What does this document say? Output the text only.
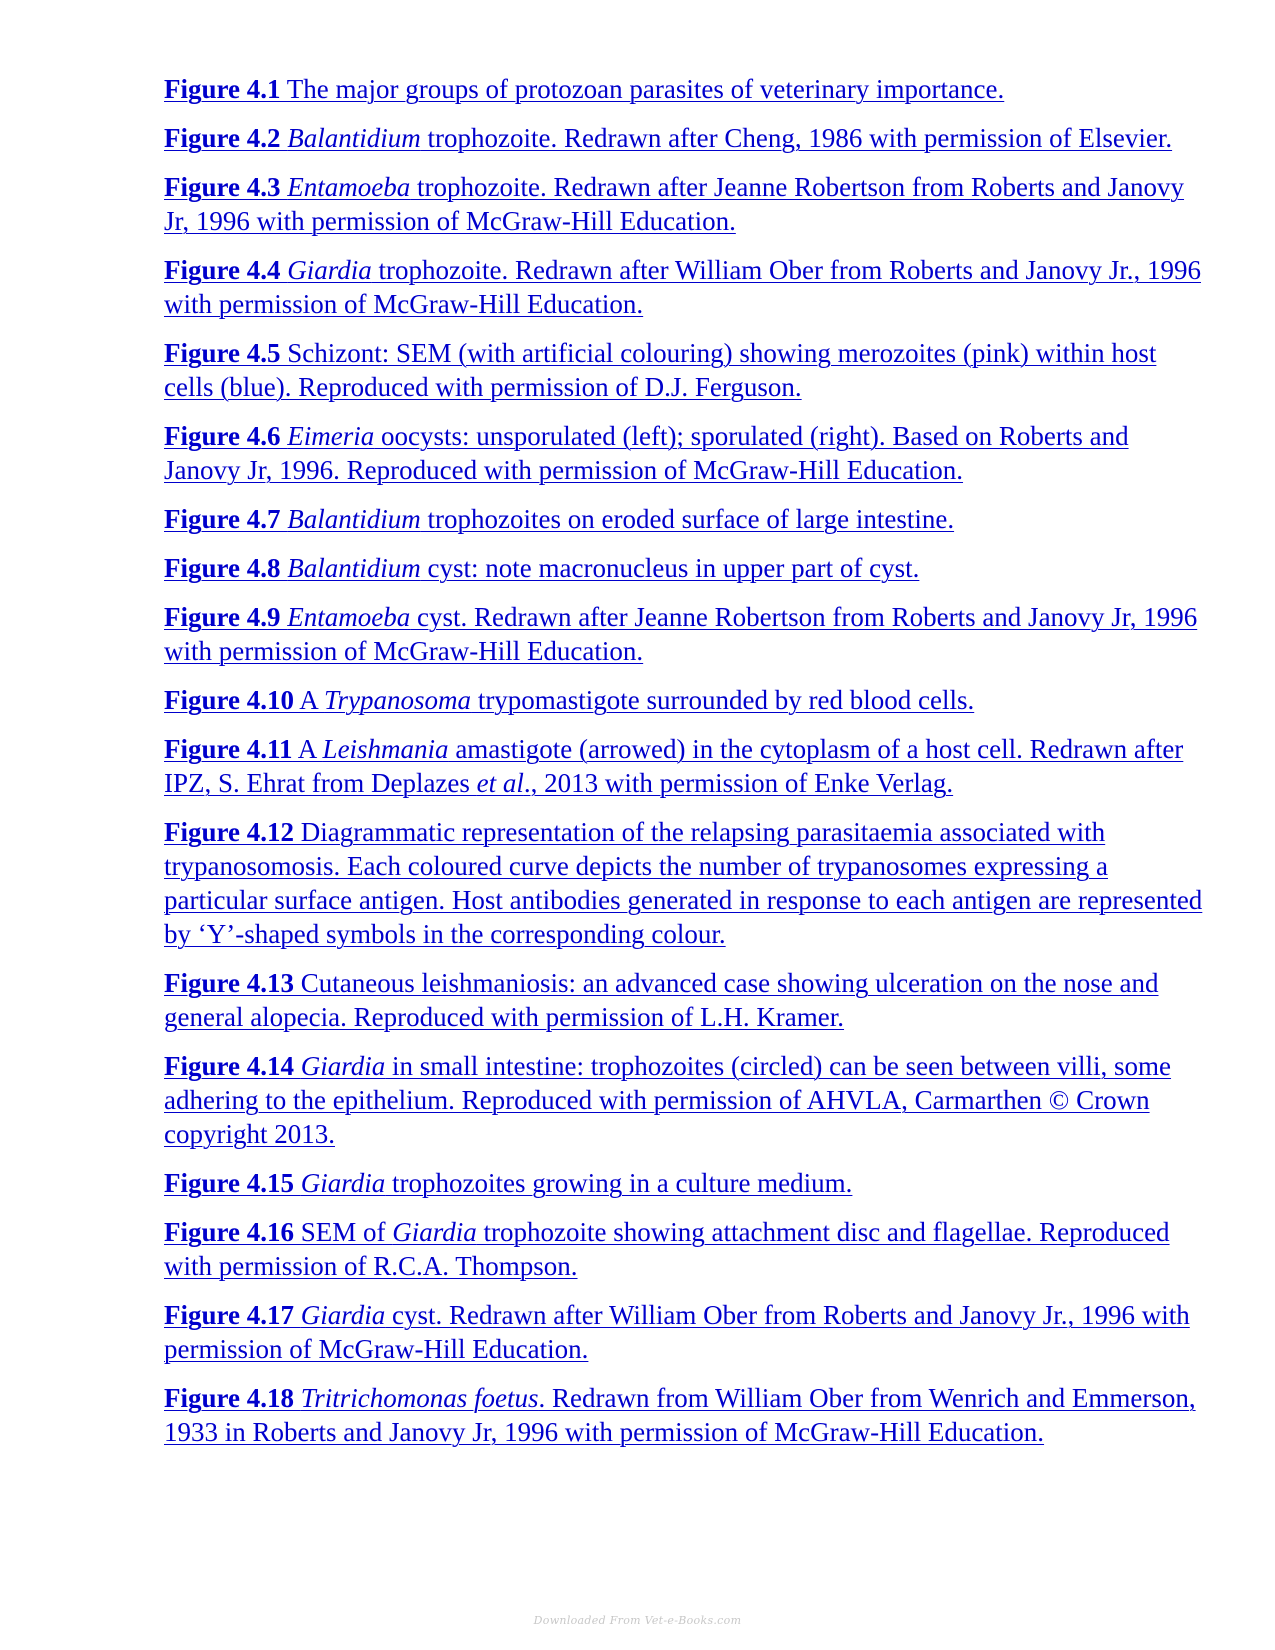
Figure 4.1 The major groups of protozoan parasites of veterinary importance.
Figure 4.2 Balantidium trophozoite. Redrawn after Cheng, 1986 with permission of Elsevier.
Figure 4.3 Entamoeba trophozoite. Redrawn after Jeanne Robertson from Roberts and Janovy Jr, 1996 with permission of McGraw-Hill Education.
Figure 4.4 Giardia trophozoite. Redrawn after William Ober from Roberts and Janovy Jr., 1996 with permission of McGraw-Hill Education.
Figure 4.5 Schizont: SEM (with artificial colouring) showing merozoites (pink) within host cells (blue). Reproduced with permission of D.J. Ferguson.
Figure 4.6 Eimeria oocysts: unsporulated (left); sporulated (right). Based on Roberts and Janovy Jr, 1996. Reproduced with permission of McGraw-Hill Education.
Figure 4.7 Balantidium trophozoites on eroded surface of large intestine.
Figure 4.8 Balantidium cyst: note macronucleus in upper part of cyst.
Figure 4.9 Entamoeba cyst. Redrawn after Jeanne Robertson from Roberts and Janovy Jr, 1996 with permission of McGraw-Hill Education.
Figure 4.10 A Trypanosoma trypomastigote surrounded by red blood cells.
Figure 4.11 A Leishmania amastigote (arrowed) in the cytoplasm of a host cell. Redrawn after IPZ, S. Ehrat from Deplazes et al., 2013 with permission of Enke Verlag.
Figure 4.12 Diagrammatic representation of the relapsing parasitaemia associated with trypanosomosis. Each coloured curve depicts the number of trypanosomes expressing a particular surface antigen. Host antibodies generated in response to each antigen are represented by ‘Y’-shaped symbols in the corresponding colour.
Figure 4.13 Cutaneous leishmaniosis: an advanced case showing ulceration on the nose and general alopecia. Reproduced with permission of L.H. Kramer.
Figure 4.14 Giardia in small intestine: trophozoites (circled) can be seen between villi, some adhering to the epithelium. Reproduced with permission of AHVLA, Carmarthen © Crown copyright 2013.
Figure 4.15 Giardia trophozoites growing in a culture medium.
Figure 4.16 SEM of Giardia trophozoite showing attachment disc and flagellae. Reproduced with permission of R.C.A. Thompson.
Figure 4.17 Giardia cyst. Redrawn after William Ober from Roberts and Janovy Jr., 1996 with permission of McGraw-Hill Education.
Figure 4.18 Tritrichomonas foetus. Redrawn from William Ober from Wenrich and Emmerson, 1933 in Roberts and Janovy Jr, 1996 with permission of McGraw-Hill Education.
Downloaded From Vet-e-Books.com
